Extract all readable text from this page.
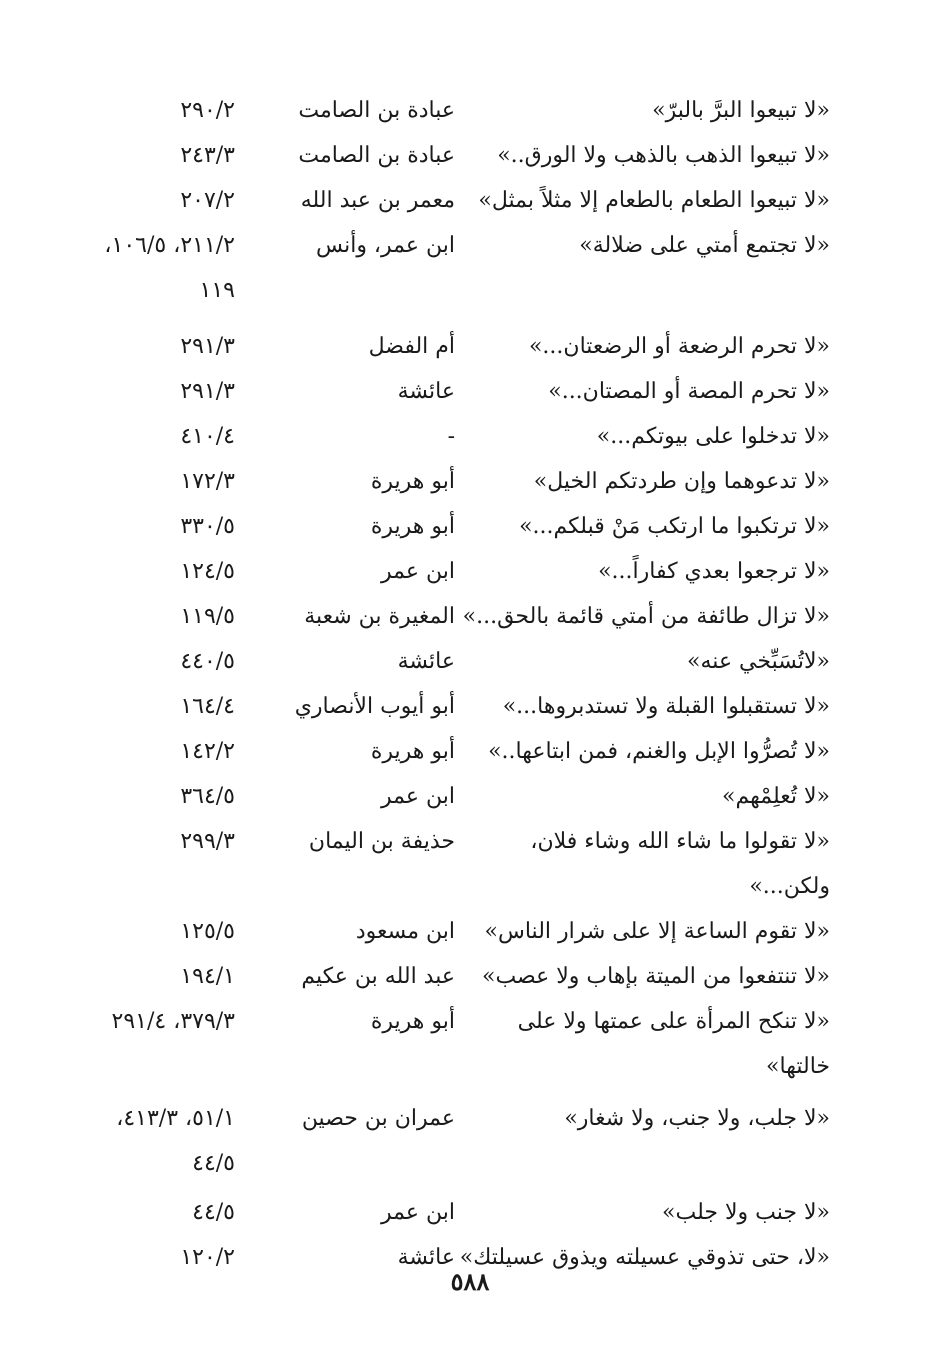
«لا تبيعوا البرَّ بالبرّ»
عبادة بن الصامت
٢٩٠/٢
«لا تبيعوا الذهب بالذهب ولا الورق..»
عبادة بن الصامت
٢٤٣/٣
«لا تبيعوا الطعام بالطعام إلا مثلاً بمثل»
معمر بن عبد الله
٢٠٧/٢
«لا تجتمع أمتي على ضلالة»
ابن عمر، وأنس
٢١١/٢، ١٠٦/٥،
١١٩
«لا تحرم الرضعة أو الرضعتان...»
أم الفضل
٢٩١/٣
«لا تحرم المصة أو المصتان...»
عائشة
٢٩١/٣
«لا تدخلوا على بيوتكم...»
-
٤١٠/٤
«لا تدعوهما وإن طردتكم الخيل»
أبو هريرة
١٧٢/٣
«لا ترتكبوا ما ارتكب مَنْ قبلكم...»
أبو هريرة
٣٣٠/٥
«لا ترجعوا بعدي كفاراً...»
ابن عمر
١٢٤/٥
«لا تزال طائفة من أمتي قائمة بالحق...»
المغيرة بن شعبة
١١٩/٥
«لاتُسَبِّخي عنه»
عائشة
٤٤٠/٥
«لا تستقبلوا القبلة ولا تستدبروها...»
أبو أيوب الأنصاري
١٦٤/٤
«لا تُصرُّوا الإبل والغنم، فمن ابتاعها..»
أبو هريرة
١٤٢/٢
«لا تُعلِمْهم»
ابن عمر
٣٦٤/٥
«لا تقولوا ما شاء الله وشاء فلان،
حذيفة بن اليمان
٢٩٩/٣
ولكن...»
«لا تقوم الساعة إلا على شرار الناس»
ابن مسعود
١٢٥/٥
«لا تنتفعوا من الميتة بإهاب ولا عصب»
عبد الله بن عكيم
١٩٤/١
«لا تنكح المرأة على عمتها ولا على
أبو هريرة
٣٧٩/٣، ٢٩١/٤
خالتها»
«لا جلب، ولا جنب، ولا شغار»
عمران بن حصين
٥١/١، ٤١٣/٣،
٤٤/٥
«لا جنب ولا جلب»
ابن عمر
٤٤/٥
«لا، حتى تذوقي عسيلته ويذوق عسيلتك»
عائشة
١٢٠/٢
٥٨٨
